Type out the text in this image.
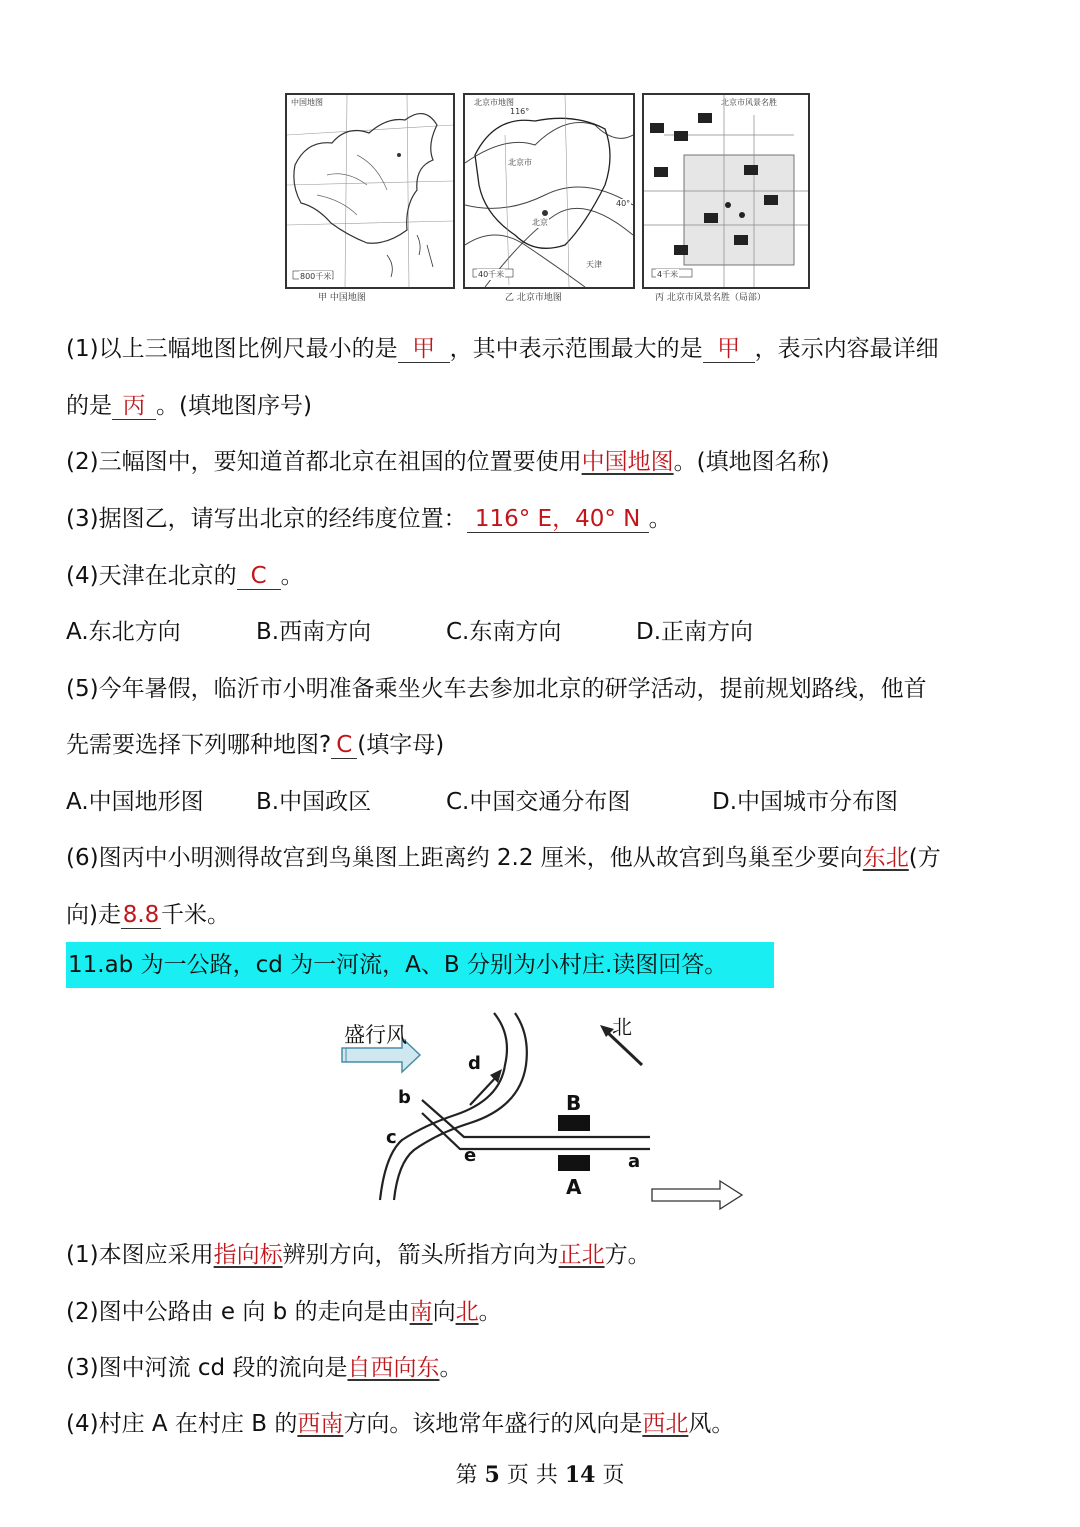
中国地图
800千米
甲 中国地图
北京市地图
北京市
北京
天津
116°
40°
40千米
乙 北京市地图
北京市风景名胜
4千米
丙 北京市风景名胜（局部）
(1)以上三幅地图比例尺最小的是 甲 ，其中表示范围最大的是 甲 ，表示内容最详细
的是 丙 。(填地图序号)
(2)三幅图中，要知道首都北京在祖国的位置要使用中国地图。(填地图名称)
(3)据图乙，请写出北京的经纬度位置： 116° E，40° N 。
(4)天津在北京的 C 。
A.东北方向	B.西南方向	C.东南方向	D.正南方向
(5)今年暑假，临沂市小明准备乘坐火车去参加北京的研学活动，提前规划路线，他首
先需要选择下列哪种地图? C (填字母)
A.中国地形图 B.中国政区	C.中国交通分布图	D.中国城市分布图
(6)图丙中小明测得故宫到鸟巢图上距离约 2.2 厘米，他从故宫到鸟巢至少要向东北(方
向)走8.8千米。
11.ab 为一公路，cd 为一河流，A、B 分别为小村庄.读图回答。
盛行风	北
a
b
c
d
e
A
B
(1)本图应采用指向标辨别方向，箭头所指方向为正北方。
(2)图中公路由 e 向 b 的走向是由南向北。
(3)图中河流 cd 段的流向是自西向东。
(4)村庄 A 在村庄 B 的西南方向。该地常年盛行的风向是西北风。
第 5 页 共 14 页
